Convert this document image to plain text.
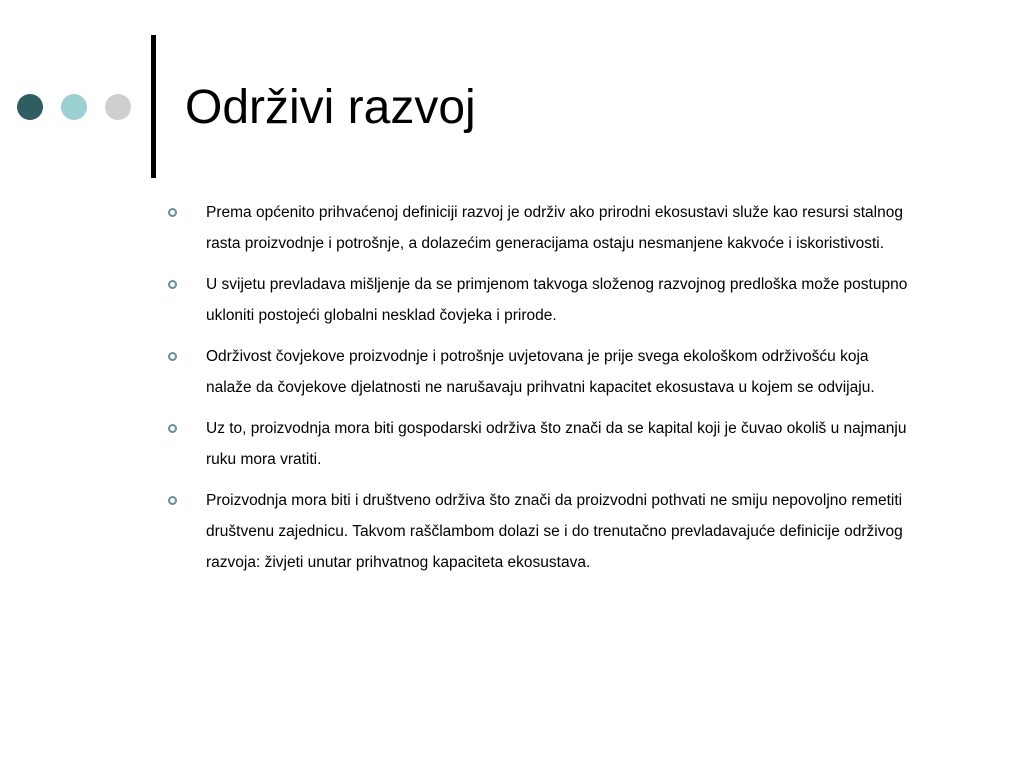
Održivi razvoj
Prema općenito prihvaćenoj definiciji razvoj je održiv ako prirodni ekosustavi služe kao resursi stalnog rasta proizvodnje i potrošnje, a dolazećim generacijama ostaju nesmanjene kakvoće i iskoristivosti.
U svijetu prevladava mišljenje da se primjenom takvoga složenog razvojnog predloška može postupno ukloniti postojeći globalni nesklad čovjeka i prirode.
Održivost čovjekove proizvodnje i potrošnje uvjetovana je prije svega ekološkom održivošću koja nalaže da čovjekove djelatnosti ne narušavaju prihvatni kapacitet ekosustava u kojem se odvijaju.
Uz to, proizvodnja mora biti gospodarski održiva što znači da se kapital koji je čuvao okoliš u najmanju ruku mora vratiti.
Proizvodnja mora biti i društveno održiva što znači da proizvodni pothvati ne smiju nepovoljno remetiti društvenu zajednicu. Takvom raščlambom dolazi se i do trenutačno prevladavajuće definicije održivog razvoja: živjeti unutar prihvatnog kapaciteta ekosustava.
